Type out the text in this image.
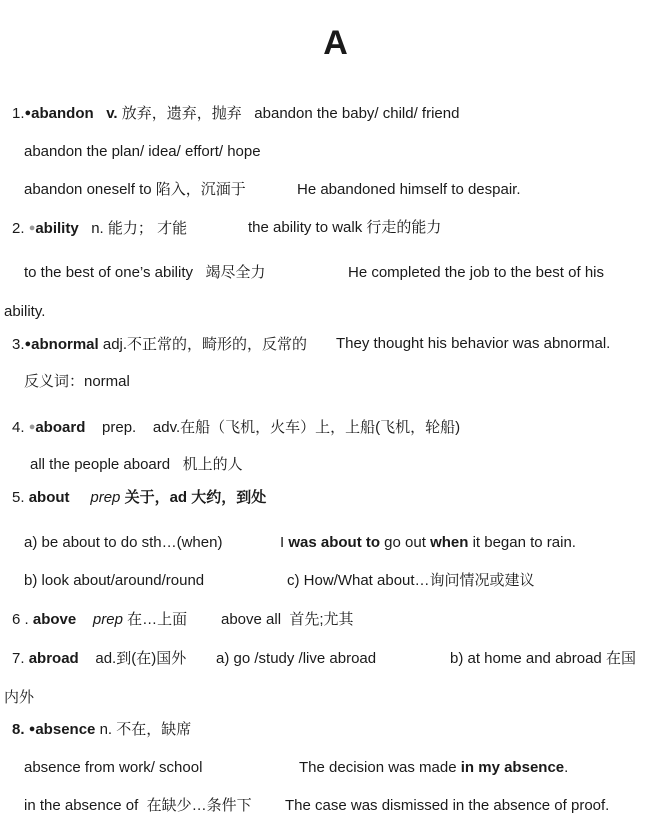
A
1.●abandon v. 放弃，遗弃，抛弃 abandon the baby/ child/ friend
abandon the plan/ idea/ effort/ hope
abandon oneself to 陷入，沉湎于	He abandoned himself to despair.
2. ●ability n. 能力； 才能	the ability to walk 行走的能力
to the best of one’s ability 竭尽全力	He completed the job to the best of his
ability.
3.●abnormal adj.不正常的，畸形的，反常的 They thought his behavior was abnormal.
反义词：normal
4. ●aboard prep. adv.在船（飞机，火车）上，上船(飞机，轮船)
all the people aboard 机上的人
5. about prep 关于，ad 大约，到处
a) be about to do sth…(when)	I was about to go out when it began to rain.
b) look about/around/round	c) How/What about…询问情况或建议
6 . above prep 在…上面 above all 首先;尤其
7. abroad ad.到(在)国外 a) go /study /live abroad	b) at home and abroad 在国
内外
8. ●absence n. 不在，缺席
absence from work/ school	The decision was made in my absence.
in the absence of 在缺少…条件下 The case was dismissed in the absence of proof.
